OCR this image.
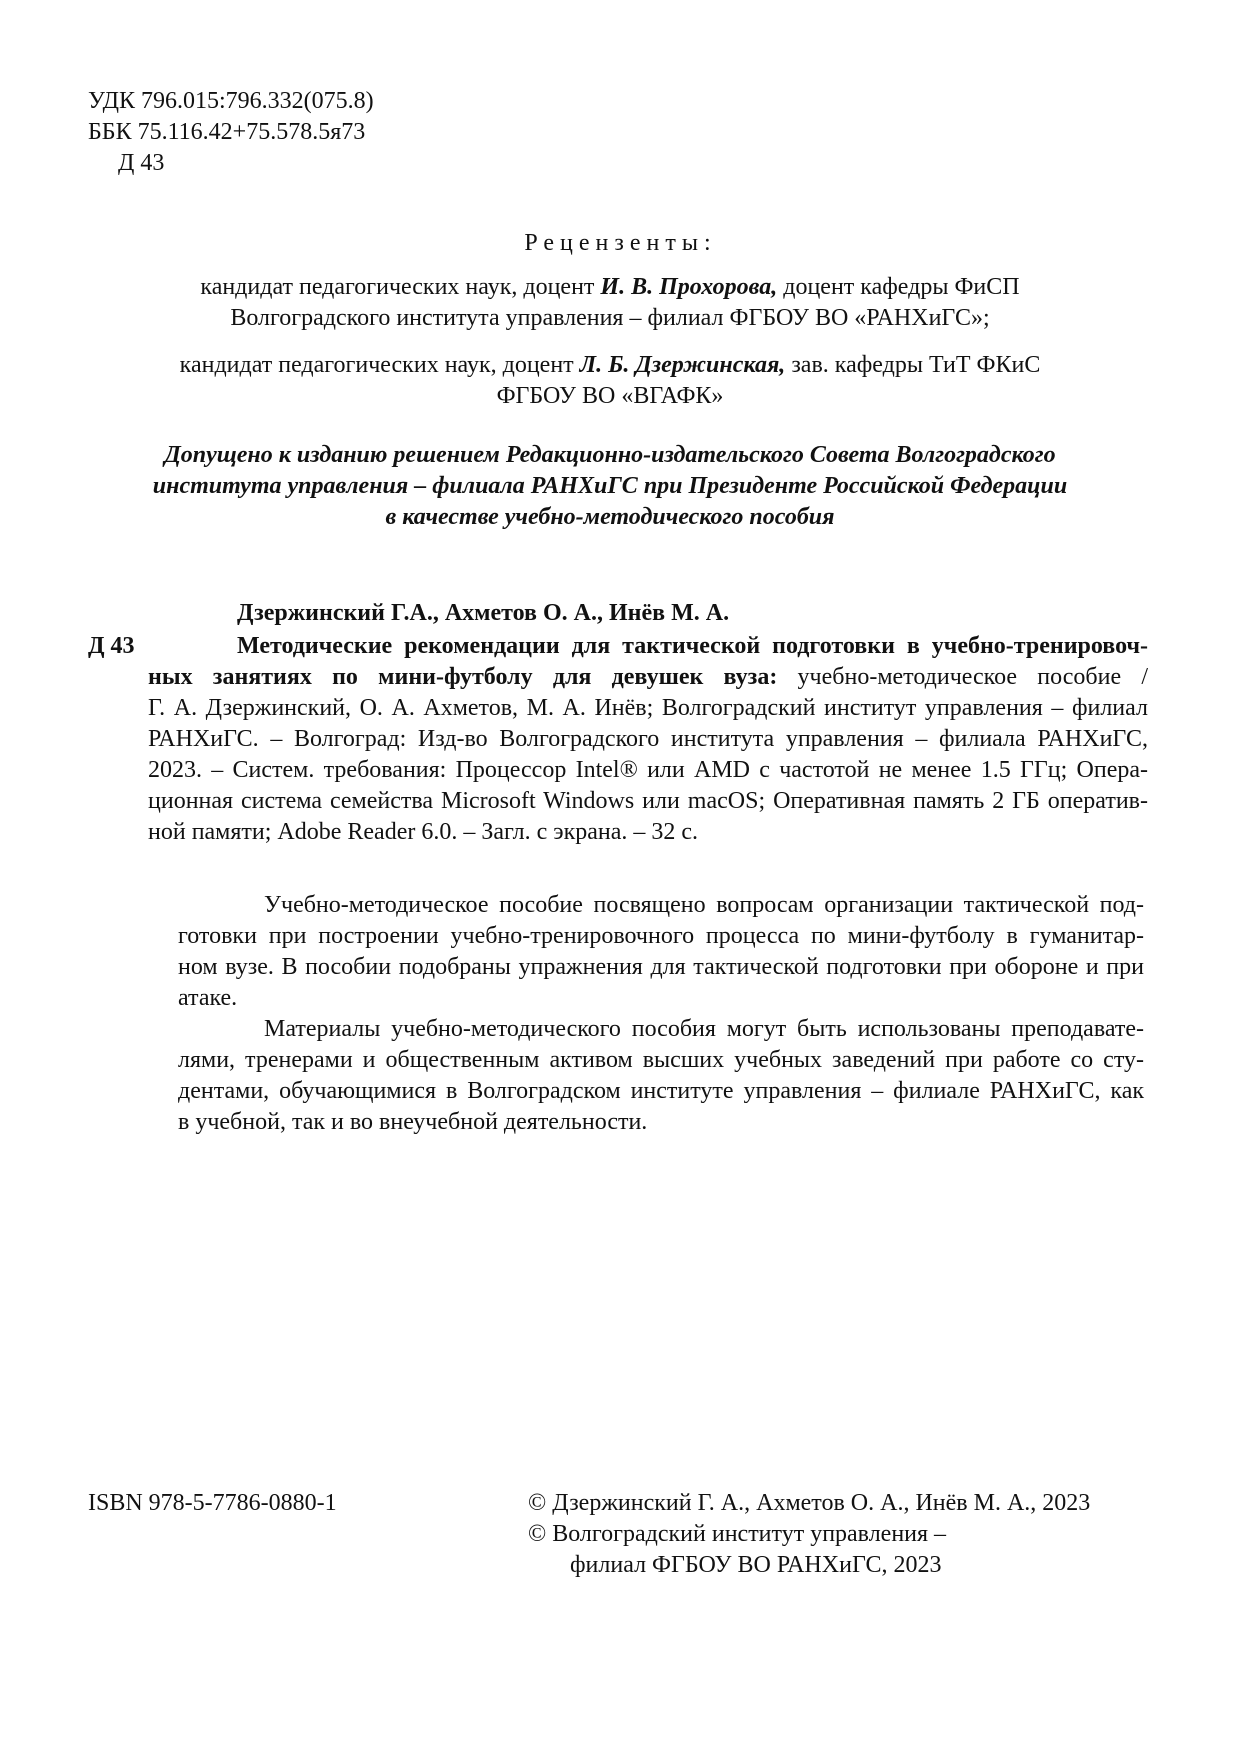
УДК 796.015:796.332(075.8)
ББК 75.116.42+75.578.5я73
Д 43
Рецензенты:
кандидат педагогических наук, доцент И. В. Прохорова, доцент кафедры ФиСП
Волгоградского института управления – филиал ФГБОУ ВО «РАНХиГС»;
кандидат педагогических наук, доцент Л. Б. Дзержинская, зав. кафедры ТиТ ФКиС
ФГБОУ ВО «ВГАФК»
Допущено к изданию решением Редакционно-издательского Совета Волгоградского
института управления – филиала РАНХиГС при Президенте Российской Федерации
в качестве учебно-методического пособия
Дзержинский Г.А., Ахметов О. А., Инёв М. А.
Д 43	Методические рекомендации для тактической подготовки в учебно-тренировоч-
ных занятиях по мини-футболу для девушек вуза: учебно-методическое пособие /
Г. А. Дзержинский, О. А. Ахметов, М. А. Инёв; Волгоградский институт управления – филиал
РАНХиГС. – Волгоград: Изд-во Волгоградского института управления – филиала РАНХиГС,
2023. – Систем. требования: Процессор Intel® или AMD с частотой не менее 1.5 ГГц; Опера-
ционная система семейства Microsoft Windows или macOS; Оперативная память 2 ГБ оператив-
ной памяти; Adobe Reader 6.0. – Загл. с экрана. – 32 с.
Учебно-методическое пособие посвящено вопросам организации тактической под-
готовки при построении учебно-тренировочного процесса по мини-футболу в гуманитар-
ном вузе. В пособии подобраны упражнения для тактической подготовки при обороне и при
атаке.
Материалы учебно-методического пособия могут быть использованы преподавате-
лями, тренерами и общественным активом высших учебных заведений при работе со сту-
дентами, обучающимися в Волгоградском институте управления – филиале РАНХиГС, как
в учебной, так и во внеучебной деятельности.
ISBN 978-5-7786-0880-1	© Дзержинский Г. А., Ахметов О. А., Инёв М. А., 2023
© Волгоградский институт управления –
филиал ФГБОУ ВО РАНХиГС, 2023
